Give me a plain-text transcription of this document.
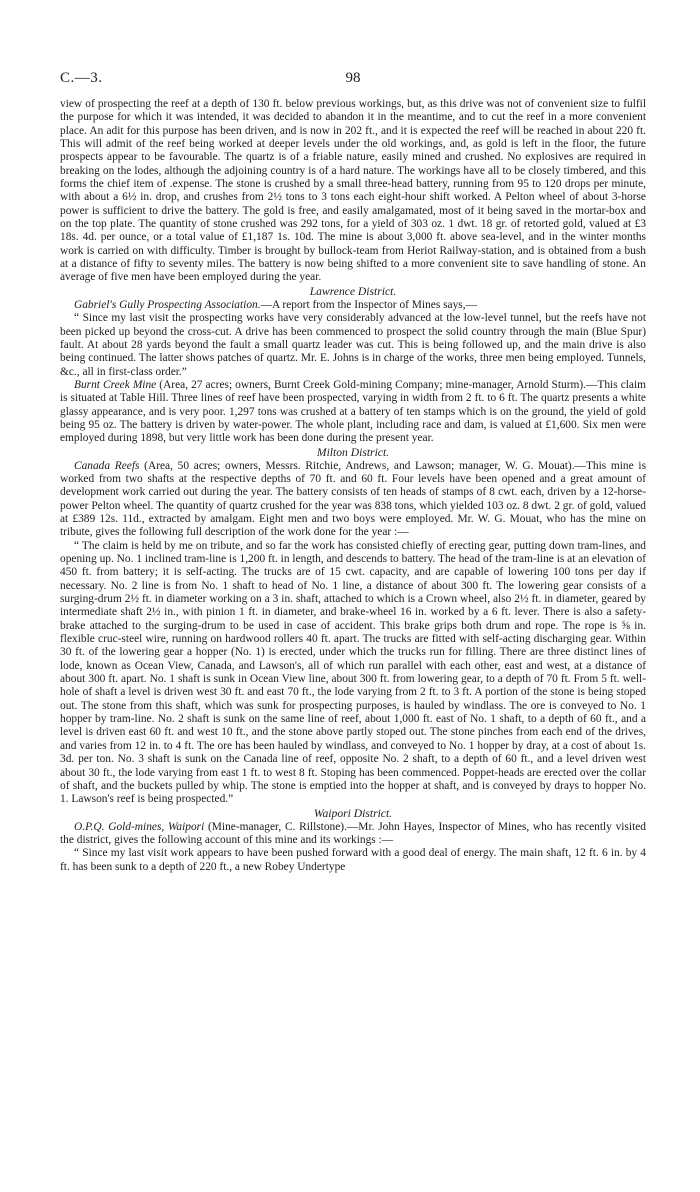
C.—3.	98

view of prospecting the reef at a depth of 130 ft. below previous workings, but, as this drive was not of convenient size to fulfil the purpose for which it was intended, it was decided to abandon it in the meantime, and to cut the reef in a more convenient place. An adit for this purpose has been driven, and is now in 202 ft., and it is expected the reef will be reached in about 220 ft. This will admit of the reef being worked at deeper levels under the old workings, and, as gold is left in the floor, the future prospects appear to be favourable. The quartz is of a friable nature, easily mined and crushed. No explosives are required in breaking on the lodes, although the adjoining country is of a hard nature. The workings have all to be closely timbered, and this forms the chief item of .expense. The stone is crushed by a small three-head battery, running from 95 to 120 drops per minute, with about a 6½ in. drop, and crushes from 2½ tons to 3 tons each eight-hour shift worked. A Pelton wheel of about 3-horse power is sufficient to drive the battery. The gold is free, and easily amalgamated, most of it being saved in the mortar-box and on the top plate. The quantity of stone crushed was 292 tons, for a yield of 303 oz. 1 dwt. 18 gr. of retorted gold, valued at £3 18s. 4d. per ounce, or a total value of £1,187 1s. 10d. The mine is about 3,000 ft. above sea-level, and in the winter months work is carried on with difficulty. Timber is brought by bullock-team from Heriot Railway-station, and is obtained from a bush at a distance of fifty to seventy miles. The battery is now being shifted to a more convenient site to save handling of stone. An average of five men have been employed during the year.

Lawrence District.

Gabriel's Gully Prospecting Association.—A report from the Inspector of Mines says,—

“ Since my last visit the prospecting works have very considerably advanced at the low-level tunnel, but the reefs have not been picked up beyond the cross-cut. A drive has been commenced to prospect the solid country through the main (Blue Spur) fault. At about 28 yards beyond the fault a small quartz leader was cut. This is being followed up, and the main drive is also being continued. The latter shows patches of quartz. Mr. E. Johns is in charge of the works, three men being employed. Tunnels, &c., all in first-class order.”

Burnt Creek Mine (Area, 27 acres; owners, Burnt Creek Gold-mining Company; mine-manager, Arnold Sturm).—This claim is situated at Table Hill. Three lines of reef have been prospected, varying in width from 2 ft. to 6 ft. The quartz presents a white glassy appearance, and is very poor. 1,297 tons was crushed at a battery of ten stamps which is on the ground, the yield of gold being 95 oz. The battery is driven by water-power. The whole plant, including race and dam, is valued at £1,600. Six men were employed during 1898, but very little work has been done during the present year.

Milton District.

Canada Reefs (Area, 50 acres; owners, Messrs. Ritchie, Andrews, and Lawson; manager, W. G. Mouat).—This mine is worked from two shafts at the respective depths of 70 ft. and 60 ft. Four levels have been opened and a great amount of development work carried out during the year. The battery consists of ten heads of stamps of 8 cwt. each, driven by a 12-horse-power Pelton wheel. The quantity of quartz crushed for the year was 838 tons, which yielded 103 oz. 8 dwt. 2 gr. of gold, valued at £389 12s. 11d., extracted by amalgam. Eight men and two boys were employed. Mr. W. G. Mouat, who has the mine on tribute, gives the following full description of the work done for the year :—

“ The claim is held by me on tribute, and so far the work has consisted chiefly of erecting gear, putting down tram-lines, and opening up. No. 1 inclined tram-line is 1,200 ft. in length, and descends to battery. The head of the tram-line is at an elevation of 450 ft. from battery; it is self-acting. The trucks are of 15 cwt. capacity, and are capable of lowering 100 tons per day if necessary. No. 2 line is from No. 1 shaft to head of No. 1 line, a distance of about 300 ft. The lowering gear consists of a surging-drum 2½ ft. in diameter working on a 3 in. shaft, attached to which is a Crown wheel, also 2½ ft. in diameter, geared by intermediate shaft 2½ in., with pinion 1 ft. in diameter, and brake-wheel 16 in. worked by a 6 ft. lever. There is also a safety-brake attached to the surging-drum to be used in case of accident. This brake grips both drum and rope. The rope is ⅝ in. flexible cruc-steel wire, running on hardwood rollers 40 ft. apart. The trucks are fitted with self-acting discharging gear. Within 30 ft. of the lowering gear a hopper (No. 1) is erected, under which the trucks run for filling. There are three distinct lines of lode, known as Ocean View, Canada, and Lawson's, all of which run parallel with each other, east and west, at a distance of about 300 ft. apart. No. 1 shaft is sunk in Ocean View line, about 300 ft. from lowering gear, to a depth of 70 ft. From 5 ft. well-hole of shaft a level is driven west 30 ft. and east 70 ft., the lode varying from 2 ft. to 3 ft. A portion of the stone is being stoped out. The stone from this shaft, which was sunk for prospecting purposes, is hauled by windlass. The ore is conveyed to No. 1 hopper by tram-line. No. 2 shaft is sunk on the same line of reef, about 1,000 ft. east of No. 1 shaft, to a depth of 60 ft., and a level is driven east 60 ft. and west 10 ft., and the stone above partly stoped out. The stone pinches from each end of the drives, and varies from 12 in. to 4 ft. The ore has been hauled by windlass, and conveyed to No. 1 hopper by dray, at a cost of about 1s. 3d. per ton. No. 3 shaft is sunk on the Canada line of reef, opposite No. 2 shaft, to a depth of 60 ft., and a level driven west about 30 ft., the lode varying from east 1 ft. to west 8 ft. Stoping has been commenced. Poppet-heads are erected over the collar of shaft, and the buckets pulled by whip. The stone is emptied into the hopper at shaft, and is conveyed by drays to hopper No. 1. Lawson's reef is being prospected.”

Waipori District.

O.P.Q. Gold-mines, Waipori (Mine-manager, C. Rillstone).—Mr. John Hayes, Inspector of Mines, who has recently visited the district, gives the following account of this mine and its workings :—

“ Since my last visit work appears to have been pushed forward with a good deal of energy. The main shaft, 12 ft. 6 in. by 4 ft. has been sunk to a depth of 220 ft., a new Robey Undertype
